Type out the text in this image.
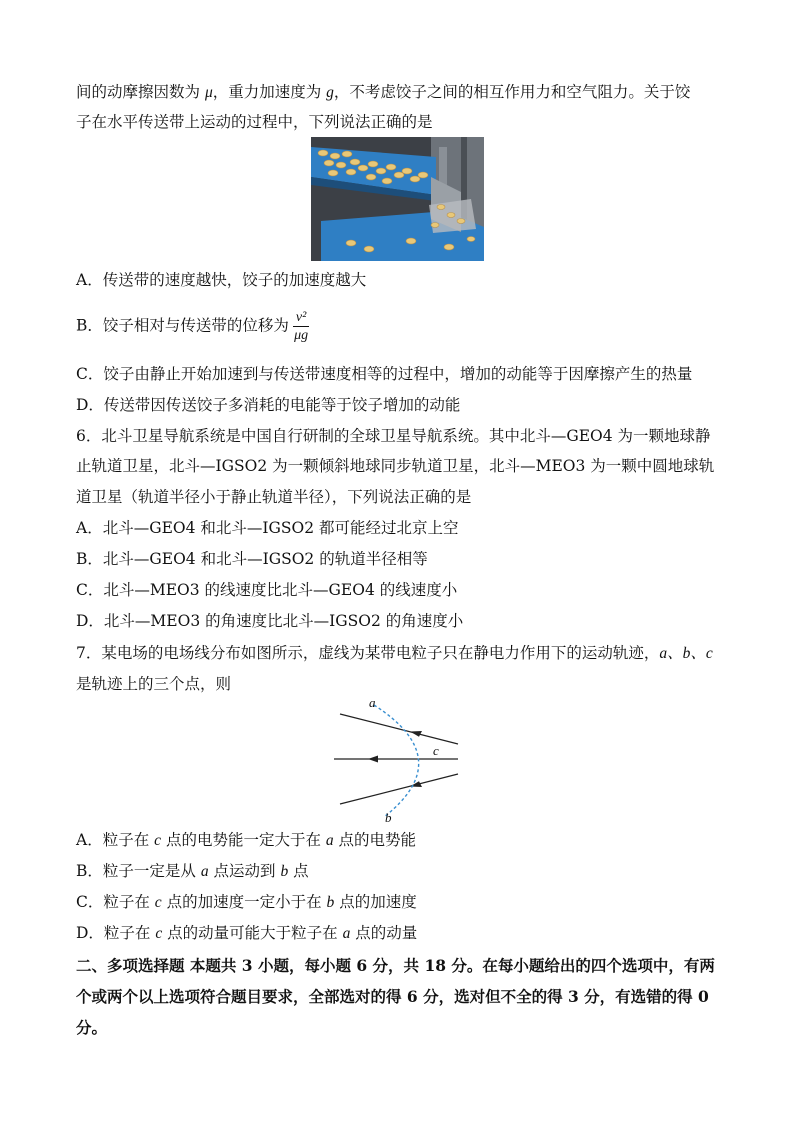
间的动摩擦因数为 μ，重力加速度为 g，不考虑饺子之间的相互作用力和空气阻力。关于饺
子在水平传送带上运动的过程中，下列说法正确的是
A．传送带的速度越快，饺子的加速度越大
B．饺子相对与传送带的位移为 $\frac{\text{v²}}{\mu g}$
C．饺子由静止开始加速到与传送带速度相等的过程中，增加的动能等于因摩擦产生的热量
D．传送带因传送饺子多消耗的电能等于饺子增加的动能
6．北斗卫星导航系统是中国自行研制的全球卫星导航系统。其中北斗—GEO4 为一颗地球静
止轨道卫星，北斗—IGSO2 为一颗倾斜地球同步轨道卫星，北斗—MEO3 为一颗中圆地球轨
道卫星（轨道半径小于静止轨道半径），下列说法正确的是
A．北斗—GEO4 和北斗—IGSO2 都可能经过北京上空
B．北斗—GEO4 和北斗—IGSO2 的轨道半径相等
C．北斗—MEO3 的线速度比北斗—GEO4 的线速度小
D．北斗—MEO3 的角速度比北斗—IGSO2 的角速度小
7．某电场的电场线分布如图所示，虚线为某带电粒子只在静电力作用下的运动轨迹，a、b、c
是轨迹上的三个点，则
a
c
b
A．粒子在 c 点的电势能一定大于在 a 点的电势能
B．粒子一定是从 a 点运动到 b 点
C．粒子在 c 点的加速度一定小于在 b 点的加速度
D．粒子在 c 点的动量可能大于粒子在 a 点的动量
二、多项选择题 本题共 3 小题，每小题 6 分，共 18 分。在每小题给出的四个选项中，有两
个或两个以上选项符合题目要求，全部选对的得 6 分，选对但不全的得 3 分，有选错的得 0
分。
